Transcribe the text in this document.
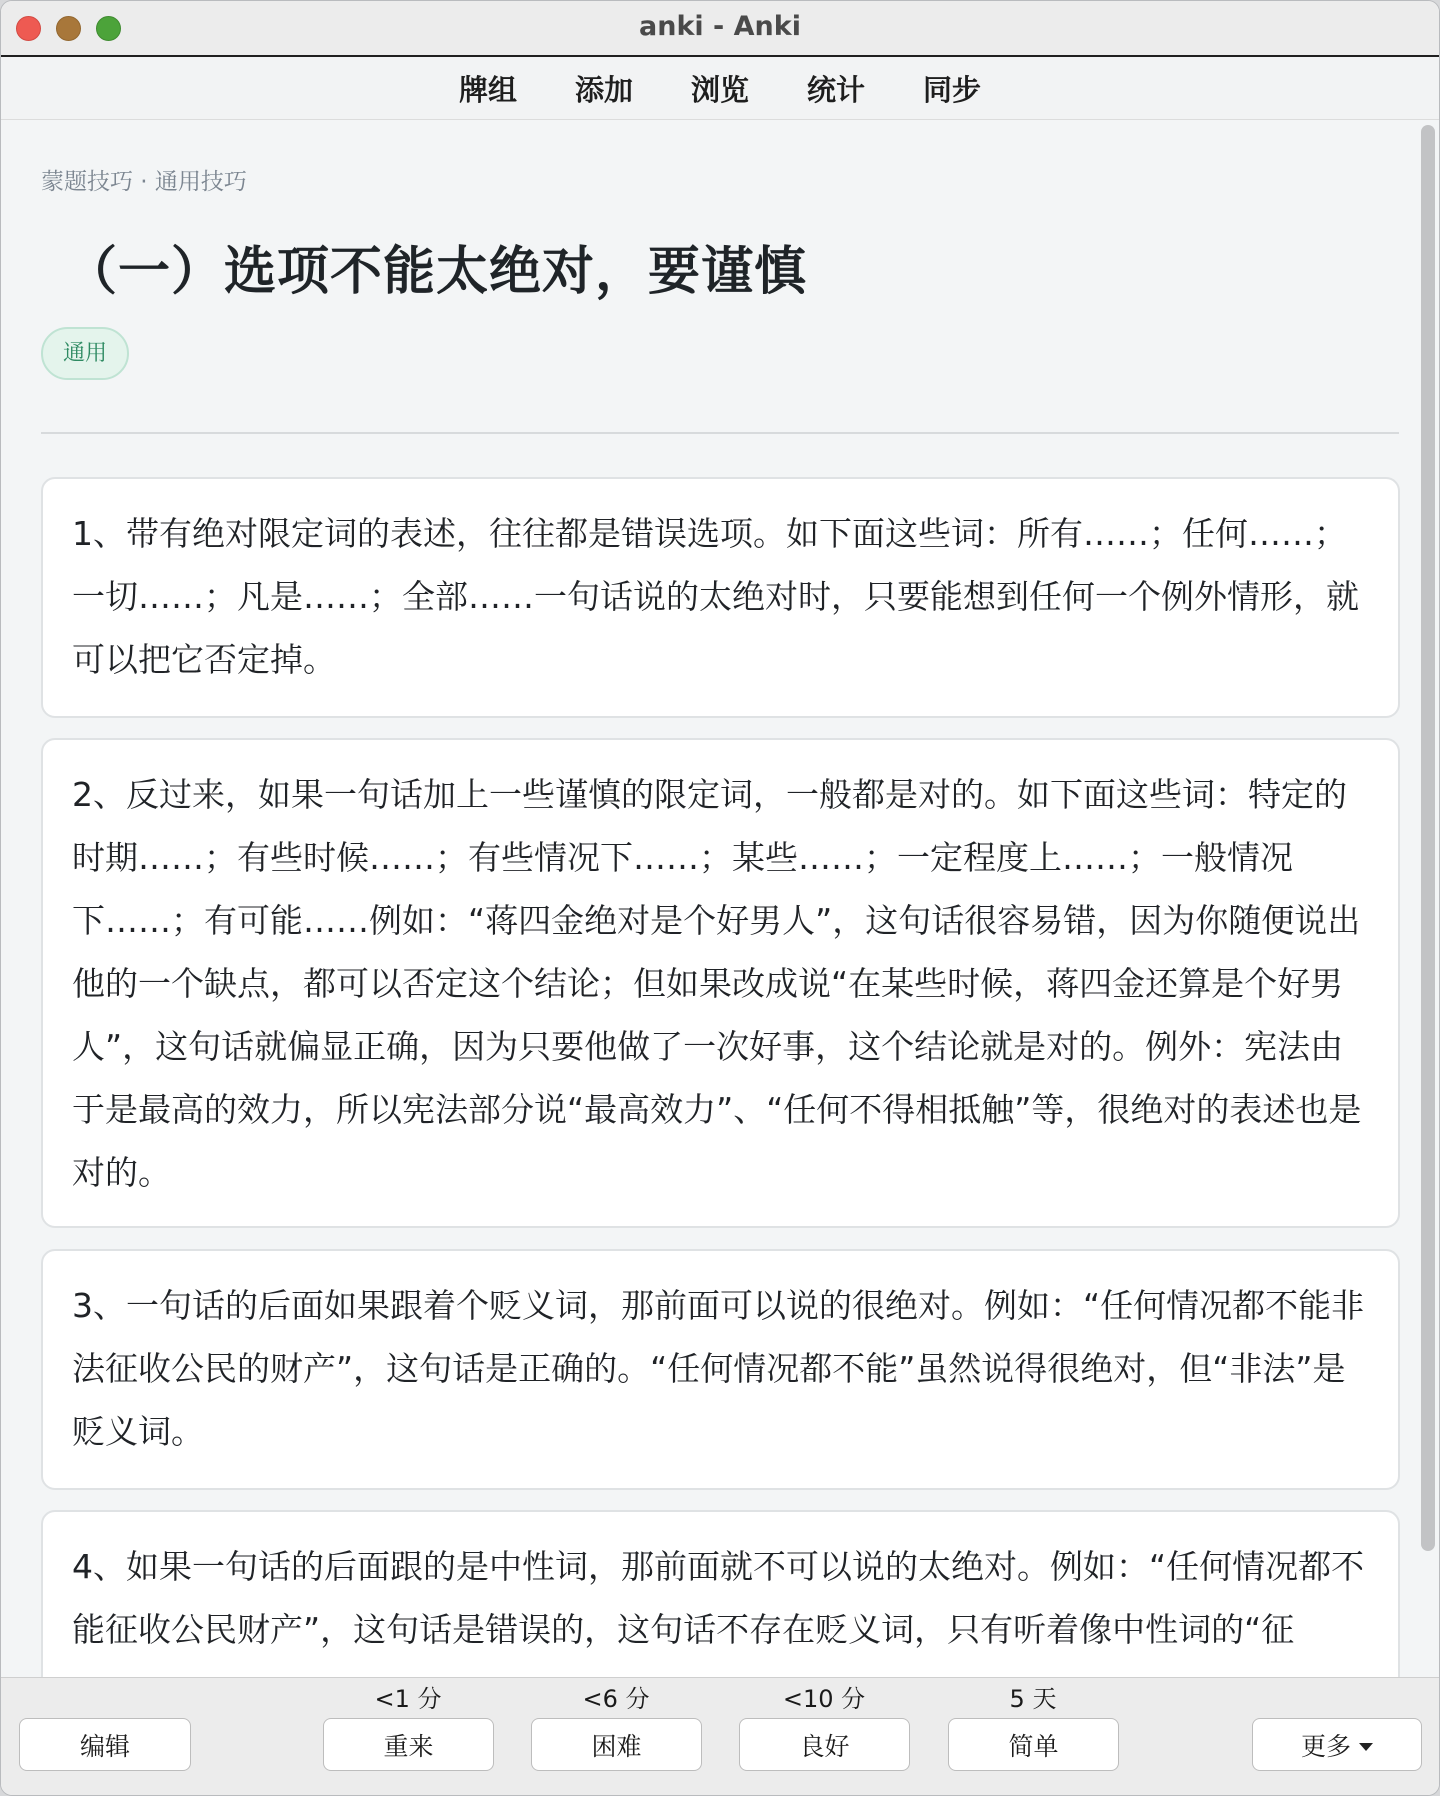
anki - Anki
牌组 添加 浏览 统计 同步
蒙题技巧 · 通用技巧
（一）选项不能太绝对，要谨慎
通用

1、带有绝对限定词的表述，往往都是错误选项。如下面这些词：所有……；任何……；一切……；凡是……；全部……一句话说的太绝对时，只要能想到任何一个例外情形，就可以把它否定掉。

2、反过来，如果一句话加上一些谨慎的限定词，一般都是对的。如下面这些词：特定的时期……；有些时候……；有些情况下……；某些……；一定程度上……；一般情况下……；有可能……例如：“蒋四金绝对是个好男人”，这句话很容易错，因为你随便说出他的一个缺点，都可以否定这个结论；但如果改成说“在某些时候，蒋四金还算是个好男人”，这句话就偏显正确，因为只要他做了一次好事，这个结论就是对的。例外：宪法由于是最高的效力，所以宪法部分说“最高效力”、“任何不得相抵触”等，很绝对的表述也是对的。

3、一句话的后面如果跟着个贬义词，那前面可以说的很绝对。例如：“任何情况都不能非法征收公民的财产”，这句话是正确的。“任何情况都不能”虽然说得很绝对，但“非法”是贬义词。

4、如果一句话的后面跟的是中性词，那前面就不可以说的太绝对。例如：“任何情况都不能征收公民财产”，这句话是错误的，这句话不存在贬义词，只有听着像中性词的“征

编辑
<1 分
重来
<6 分
困难
<10 分
良好
5 天
简单	更多
